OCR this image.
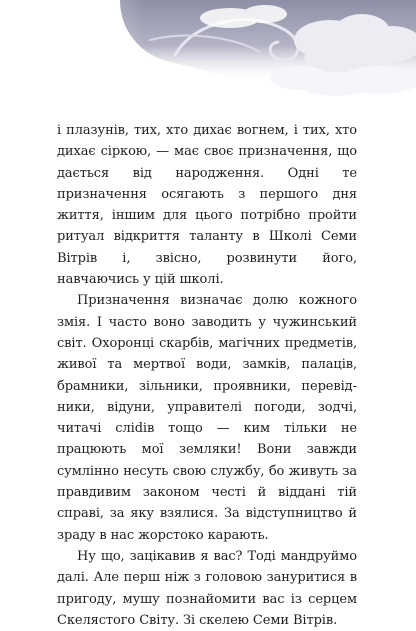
і плазунів, тих, хто дихає вогнем, і тих, хто дихає сіркою, — має своє призначення, що дається від народження. Одні те призначення осягають з першого дня життя, іншим для цього потрібно пройти ритуал відкриття таланту в Школі Семи Вітрів і, звісно, розвинути його, навчаючись у цій школі.

Призначення визначає долю кожного змія. І часто воно заводить у чужинський світ. Охоронці скарбів, магічних предметів, живої та мертвої води, замків, палаців, брамники, зільники, проявники, перевідники, відуни, управителі погоди, зодчі, читачі сліdів тощо — ким тільки не працюють мої земляки! Вони завжди сумлінно несуть свою службу, бо живуть за правдивим законом честі й віддані тій справі, за яку взялися. За відступництво й зраду в нас жорстоко карають.

Ну що, зацікавив я вас? Тоді мандруймо далі. Але перш ніж з головою зануритися в пригоду, мушу познайомити вас із серцем Скелястого Світу. Зі скелею Семи Вітрів.
